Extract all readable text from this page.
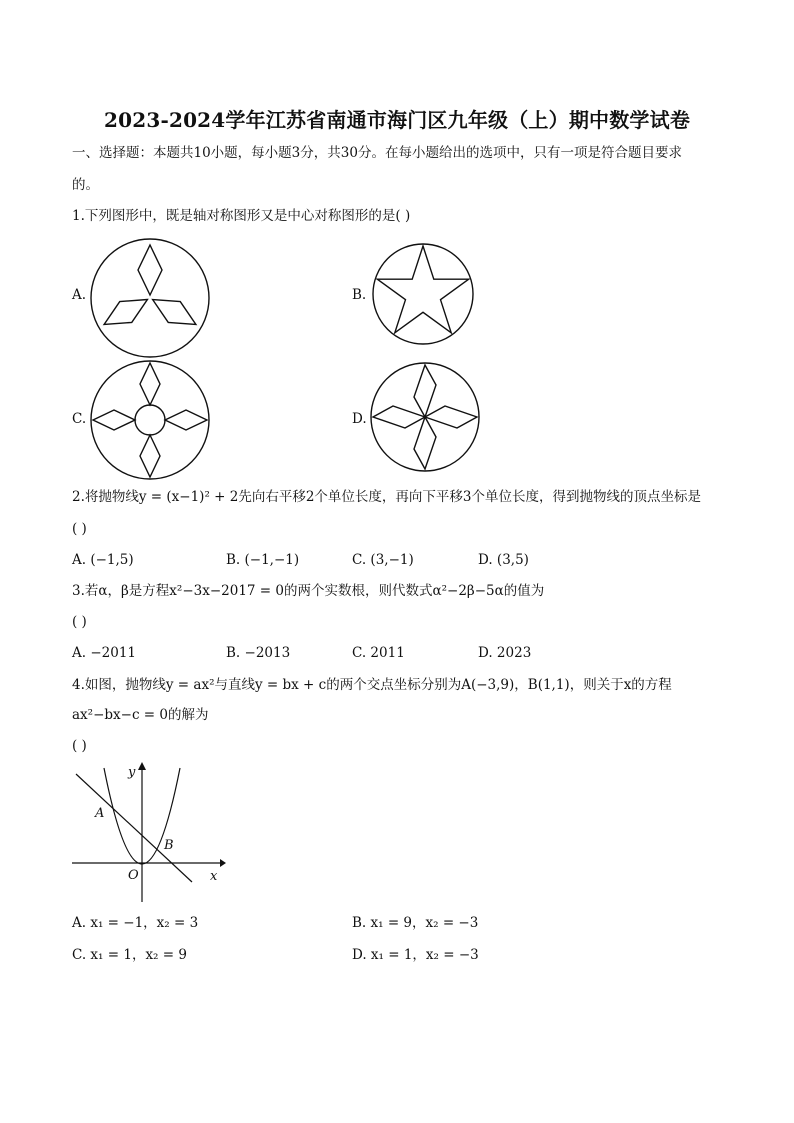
2023-2024学年江苏省南通市海门区九年级（上）期中数学试卷
一、选择题：本题共10小题，每小题3分，共30分。在每小题给出的选项中，只有一项是符合题目要求
的。
1.下列图形中，既是轴对称图形又是中心对称图形的是( )
A.	B.
C.	D.
2.将抛物线y = (x−1)² + 2先向右平移2个单位长度，再向下平移3个单位长度，得到抛物线的顶点坐标是
( )
A. (−1,5)	B. (−1,−1)	C. (3,−1)	D. (3,5)
3.若α，β是方程x²−3x−2017 = 0的两个实数根，则代数式α²−2β−5α的值为
( )
A. −2011	B. −2013	C. 2011	D. 2023
4.如图，抛物线y = ax²与直线y = bx + c的两个交点坐标分别为A(−3,9)，B(1,1)，则关于x的方程
ax²−bx−c = 0的解为
( )
y
x
A
B
O
A. x₁ = −1，x₂ = 3	B. x₁ = 9，x₂ = −3
C. x₁ = 1，x₂ = 9	D. x₁ = 1，x₂ = −3
